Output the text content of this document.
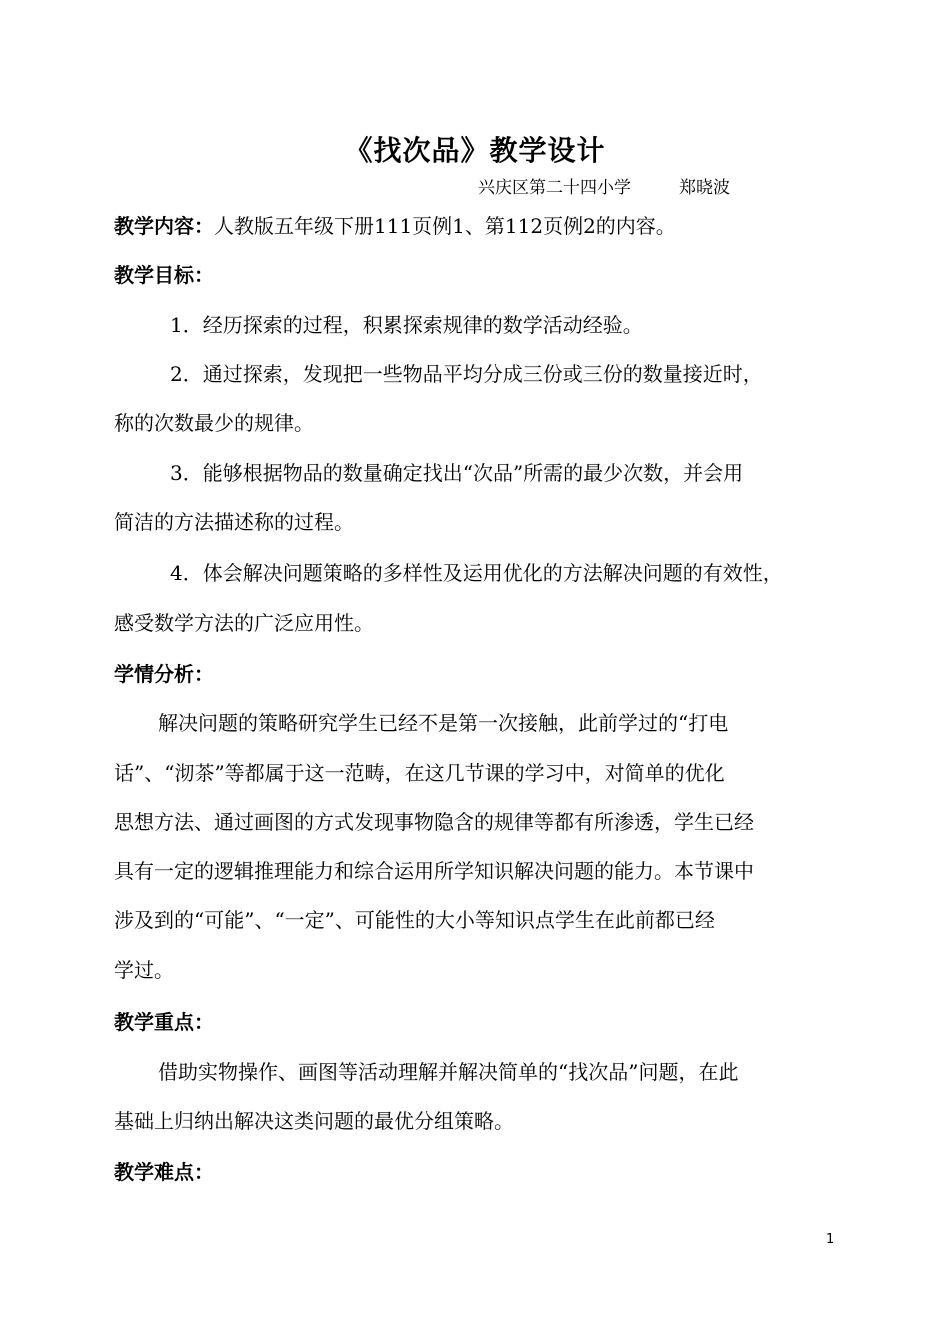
《找次品》教学设计
兴庆区第二十四小学	郑晓波
教学内容：人教版五年级下册111页例1、第112页例2的内容。
教学目标：
1．经历探索的过程，积累探索规律的数学活动经验。
2．通过探索，发现把一些物品平均分成三份或三份的数量接近时，
称的次数最少的规律。
3．能够根据物品的数量确定找出“次品”所需的最少次数，并会用
简洁的方法描述称的过程。
4．体会解决问题策略的多样性及运用优化的方法解决问题的有效性，
感受数学方法的广泛应用性。
学情分析：
解决问题的策略研究学生已经不是第一次接触，此前学过的“打电
话”、“沏茶”等都属于这一范畴，在这几节课的学习中，对简单的优化
思想方法、通过画图的方式发现事物隐含的规律等都有所渗透，学生已经
具有一定的逻辑推理能力和综合运用所学知识解决问题的能力。本节课中
涉及到的“可能”、“一定”、可能性的大小等知识点学生在此前都已经
学过。
教学重点：
借助实物操作、画图等活动理解并解决简单的“找次品”问题，在此
基础上归纳出解决这类问题的最优分组策略。
教学难点：
1
